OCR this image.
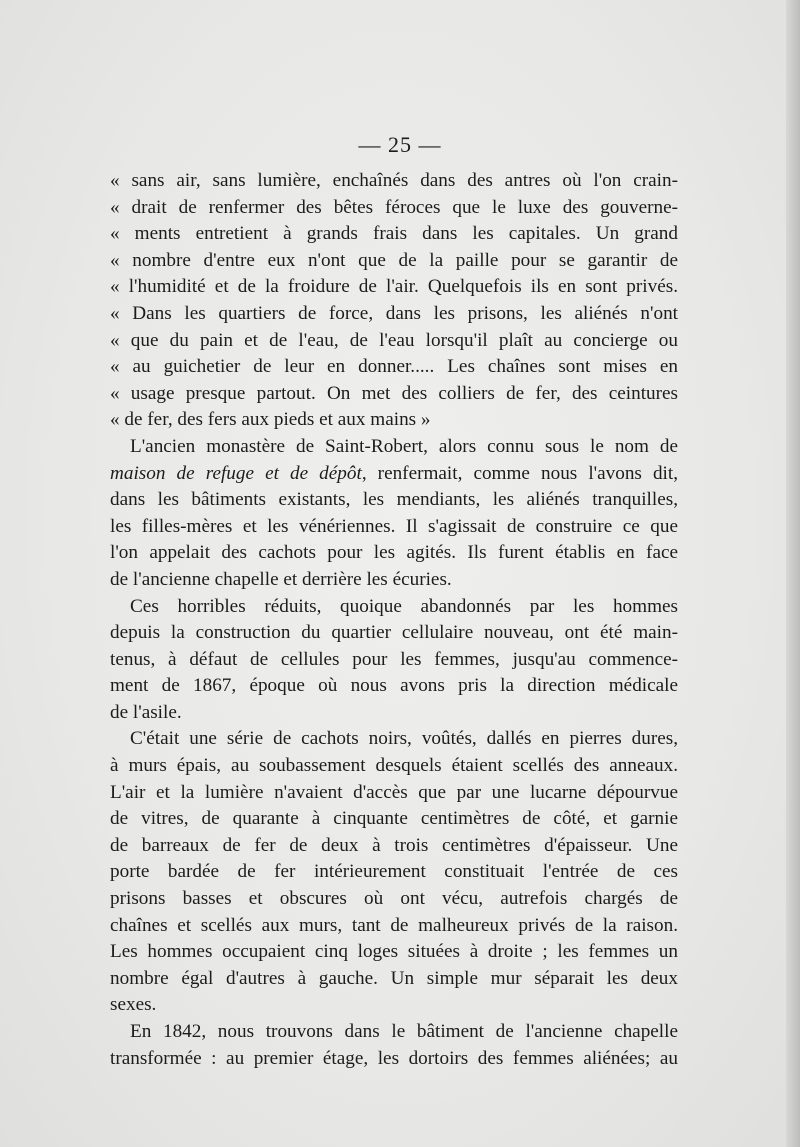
— 25 —
« sans air, sans lumière, enchaînés dans des antres où l'on crain-
« drait de renfermer des bêtes féroces que le luxe des gouverne-
« ments entretient à grands frais dans les capitales. Un grand
« nombre d'entre eux n'ont que de la paille pour se garantir de
« l'humidité et de la froidure de l'air. Quelquefois ils en sont privés.
« Dans les quartiers de force, dans les prisons, les aliénés n'ont
« que du pain et de l'eau, de l'eau lorsqu'il plaît au concierge ou
« au guichetier de leur en donner..... Les chaînes sont mises en
« usage presque partout. On met des colliers de fer, des ceintures
« de fer, des fers aux pieds et aux mains »
L'ancien monastère de Saint-Robert, alors connu sous le nom de
maison de refuge et de dépôt, renfermait, comme nous l'avons dit,
dans les bâtiments existants, les mendiants, les aliénés tranquilles,
les filles-mères et les vénériennes. Il s'agissait de construire ce que
l'on appelait des cachots pour les agités. Ils furent établis en face
de l'ancienne chapelle et derrière les écuries.
Ces horribles réduits, quoique abandonnés par les hommes
depuis la construction du quartier cellulaire nouveau, ont été main-
tenus, à défaut de cellules pour les femmes, jusqu'au commence-
ment de 1867, époque où nous avons pris la direction médicale
de l'asile.
C'était une série de cachots noirs, voûtés, dallés en pierres dures,
à murs épais, au soubassement desquels étaient scellés des anneaux.
L'air et la lumière n'avaient d'accès que par une lucarne dépourvue
de vitres, de quarante à cinquante centimètres de côté, et garnie
de barreaux de fer de deux à trois centimètres d'épaisseur. Une
porte bardée de fer intérieurement constituait l'entrée de ces
prisons basses et obscures où ont vécu, autrefois chargés de
chaînes et scellés aux murs, tant de malheureux privés de la raison.
Les hommes occupaient cinq loges situées à droite ; les femmes un
nombre égal d'autres à gauche. Un simple mur séparait les deux
sexes.
En 1842, nous trouvons dans le bâtiment de l'ancienne chapelle
transformée : au premier étage, les dortoirs des femmes aliénées; au
